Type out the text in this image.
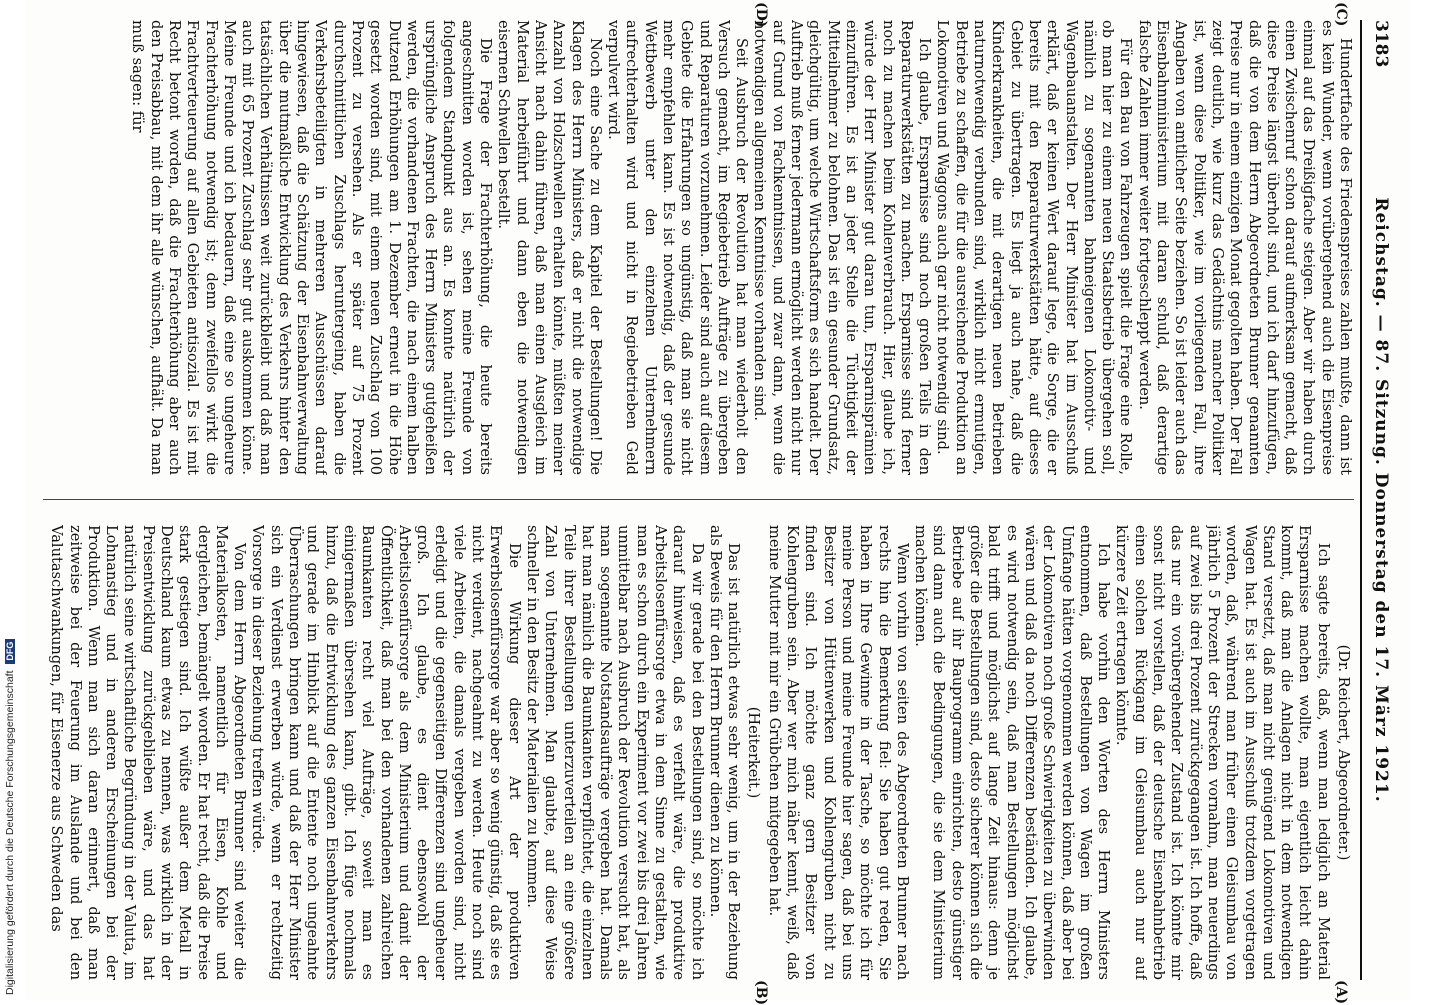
3183
Reichstag. — 87. Sitzung. Donnerstag den 17. März 1921.
(C)
(D)
(A)
(B)

Hundertfache des Friedenspreises zahlen mußte, dann ist es kein Wunder, wenn vorübergehend auch die Eisenpreise einmal auf das Dreißigfache steigen. Aber wir haben durch einen Zwischenruf schon darauf aufmerksam gemacht, daß diese Preise längst überholt sind, und ich darf hinzufügen, daß die von dem Herrn Abgeordneten Brunner genannten Preise nur in einem einzigen Monat gegolten haben. Der Fall zeigt deutlich, wie kurz das Gedächtnis mancher Politiker ist, wenn diese Politiker, wie im vorliegenden Fall, ihre Angaben von amtlicher Seite beziehen. So ist leider auch das Eisenbahnministerium mit daran schuld, daß derartige falsche Zahlen immer weiter fortgeschleppt werden.

Für den Bau von Fahrzeugen spielt die Frage eine Rolle, ob man hier zu einem neuen Staatsbetrieb übergehen soll, nämlich zu sogenannten bahneigenen Lokomotiv- und Wagenbauanstalten. Der Herr Minister hat im Ausschuß erklärt, daß er keinen Wert darauf lege, die Sorge, die er bereits mit den Reparaturwerkstätten hätte, auf dieses Gebiet zu übertragen. Es liegt ja auch nahe, daß die Kinderkrankheiten, die mit derartigen neuen Betrieben naturnotwendig verbunden sind, wirklich nicht ermutigen, Betriebe zu schaffen, die für die ausreichende Produktion an Lokomotiven und Waggons auch gar nicht notwendig sind.

Ich glaube, Ersparnisse sind noch großen Teils in den Reparaturwerkstätten zu machen. Ersparnisse sind ferner noch zu machen beim Kohlenverbrauch. Hier, glaube ich, würde der Herr Minister gut daran tun, Ersparnisprämien einzuführen. Es ist an jeder Stelle die Tüchtigkeit der Mitteilnehmer zu belohnen. Das ist ein gesunder Grundsatz, gleichgültig, um welche Wirtschaftsform es sich handelt. Der Auftrieb muß ferner jedermann ermöglicht werden nicht nur auf Grund von Fachkenntnissen, und zwar dann, wenn die notwendigen allgemeinen Kenntnisse vorhanden sind.

Seit Ausbruch der Revolution hat man wiederholt den Versuch gemacht, im Regiebetrieb Aufträge zu übergeben und Reparaturen vorzunehmen. Leider sind auch auf diesem Gebiete die Erfahrungen so ungünstig, daß man sie nicht mehr empfehlen kann. Es ist notwendig, daß der gesunde Wettbewerb unter den einzelnen Unternehmern aufrechterhalten wird und nicht in Regiebetrieben Geld verpulvert wird.

Noch eine Sache zu dem Kapitel der Bestellungen! Die Klagen des Herrn Ministers, daß er nicht die notwendige Anzahl von Holzschwellen erhalten könnte, müßten meiner Ansicht nach dahin führen, daß man einen Ausgleich im Material herbeiführt und dann eben die notwendigen eisernen Schwellen bestellt.

Die Frage der Frachterhöhung, die heute bereits angeschnitten worden ist, sehen meine Freunde von folgendem Standpunkt aus an. Es konnte natürlich der ursprüngliche Anspruch des Herrn Ministers gutgeheißen werden, die vorhandenen Frachten, die nach einem halben Dutzend Erhöhungen am 1. Dezember erneut in die Höhe gesetzt worden sind, mit einem neuen Zuschlag von 100 Prozent zu versehen. Als er später auf 75 Prozent durchschnittlichen Zuschlags heruntergeing, haben die Verkehrsbeteiligten in mehreren Ausschüssen darauf hingewiesen, daß die Schätzung der Eisenbahnverwaltung über die mutmaßliche Entwicklung des Verkehrs hinter den tatsächlichen Verhältnissen weit zurückbleibt und daß man auch mit 65 Prozent Zuschlag sehr gut auskommen könne. Meine Freunde und ich bedauern, daß eine so ungeheure Frachterhöhung notwendig ist; denn zweifellos wirkt die Frachtverteuerung auf allen Gebieten antisozial. Es ist mit Recht betont worden, daß die Frachterhöhung aber auch den Preisabbau, mit dem ihr alle wünschen, aufhält. Da man muß sagen: für

(Dr. Reichert, Abgeordneter.)

Ich sagte bereits, daß, wenn man lediglich an Material Ersparnisse machen wollte, man eigentlich leicht dahin kommt, daß man die Anlagen nicht in dem notwendigen Stand versetzt, daß man nicht genügend Lokomotiven und Wagen hat. Es ist auch im Ausschuß trotzdem vorgetragen worden, daß, während man früher einen Gleisumbau von jährlich 5 Prozent der Strecken vornahm, man neuerdings auf zwei bis drei Prozent zurückgegangen ist. Ich hoffe, daß das nur ein vorübergehender Zustand ist. Ich könnte mir sonst nicht vorstellen, daß der deutsche Eisenbahnbetrieb einen solchen Rückgang im Gleisumbau auch nur auf kürzere Zeit ertragen könnte.

Ich habe vorhin den Worten des Herrn Ministers entnommen, daß Bestellungen von Wagen im großen Umfange hätten vorgenommen werden können, daß aber bei der Lokomotiven noch große Schwierigkeiten zu überwinden wären und daß da noch Differenzen beständen. Ich glaube, es wird notwendig sein, daß man Bestellungen möglichst bald trifft und möglichst auf lange Zeit hinaus: denn je größer die Bestellungen sind, desto sicherer können sich die Betriebe auf ihr Bauprogramm einrichten, desto günstiger sind dann auch die Bedingungen, die sie dem Ministerium machen können.

Wenn vorhin von seiten des Abgeordneten Brunner nach rechts hin die Bemerkung fiel: Sie haben gut reden, Sie haben in Ihre Gewinne in der Tasche, so möchte ich für meine Person und meine Freunde hier sagen, daß bei uns Besitzer von Hüttenwerken und Kohlengruben nicht zu finden sind. Ich möchte ganz gern Besitzer von Kohlengruben sein. Aber wer mich näher kennt, weiß, daß meine Mutter mit mir ein Grübchen mitgegeben hat.

(Heiterkeit.)

Das ist natürlich etwas sehr wenig, um in der Beziehung als Beweis für den Herrn Brunner dienen zu können.

Da wir gerade bei den Bestellungen sind, so möchte ich darauf hinweisen, daß es verfehlt wäre, die produktive Arbeitslosenfürsorge etwa in dem Sinne zu gestalten, wie man es schon durch ein Experiment vor zwei bis drei Jahren unmittelbar nach Ausbruch der Revolution versucht hat, als man sogenannte Notstandsaufträge vergeben hat. Damals hat man nämlich die Baumkanten verpflichtet, die einzelnen Teile ihrer Bestellungen unterzuverteilen an eine größere Zahl von Unternehmen. Man glaubte, auf diese Weise schneller in den Besitz der Materialien zu kommen.

Die Wirkung dieser Art der produktiven Erwerbslosenfürsorge war aber so wenig günstig, daß sie es nicht verdient, nachgeahmt zu werden. Heute noch sind viele Arbeiten, die damals vergeben worden sind, nicht erledigt und die gegenseitigen Differenzen sind ungeheuer groß. Ich glaube, es dient ebensowohl der Arbeitslosenfürsorge als dem Ministerium und damit der Öffentlichkeit, daß man bei den vorhandenen zahlreichen Baumkanten recht viel Aufträge, soweit man es einigermaßen übersehen kann, gibt. Ich füge nochmals hinzu, daß die Entwicklung des ganzen Eisenbahnverkehrs und gerade im Hinblick auf die Entente noch ungeahnte Überraschungen bringen kann und daß der Herr Minister sich ein Verdienst erwerben würde, wenn er rechtzeitig Vorsorge in dieser Beziehung treffen würde.

Von dem Herrn Abgeordneten Brunner sind weiter die Materialkosten, namentlich für Eisen, Kohle und dergleichen, bemängelt worden. Er hat recht, daß die Preise stark gestiegen sind. Ich wüßte außer dem Metall in Deutschland kaum etwas zu nennen, was wirklich in der Preisentwicklung zurückgeblieben wäre, und das hat natürlich seine wirtschaftliche Begründung in der Valuta, im Lohnanstieg und in anderen Erscheinungen bei der Produktion. Wenn man sich daran erinnert, daß man zeitweise bei der Feuerung im Auslande und bei den Valutaschwankungen, für Eisenerze aus Schweden das

Digitalisierung gefördert durch die Deutsche Forschungsgemeinschaft DFG
